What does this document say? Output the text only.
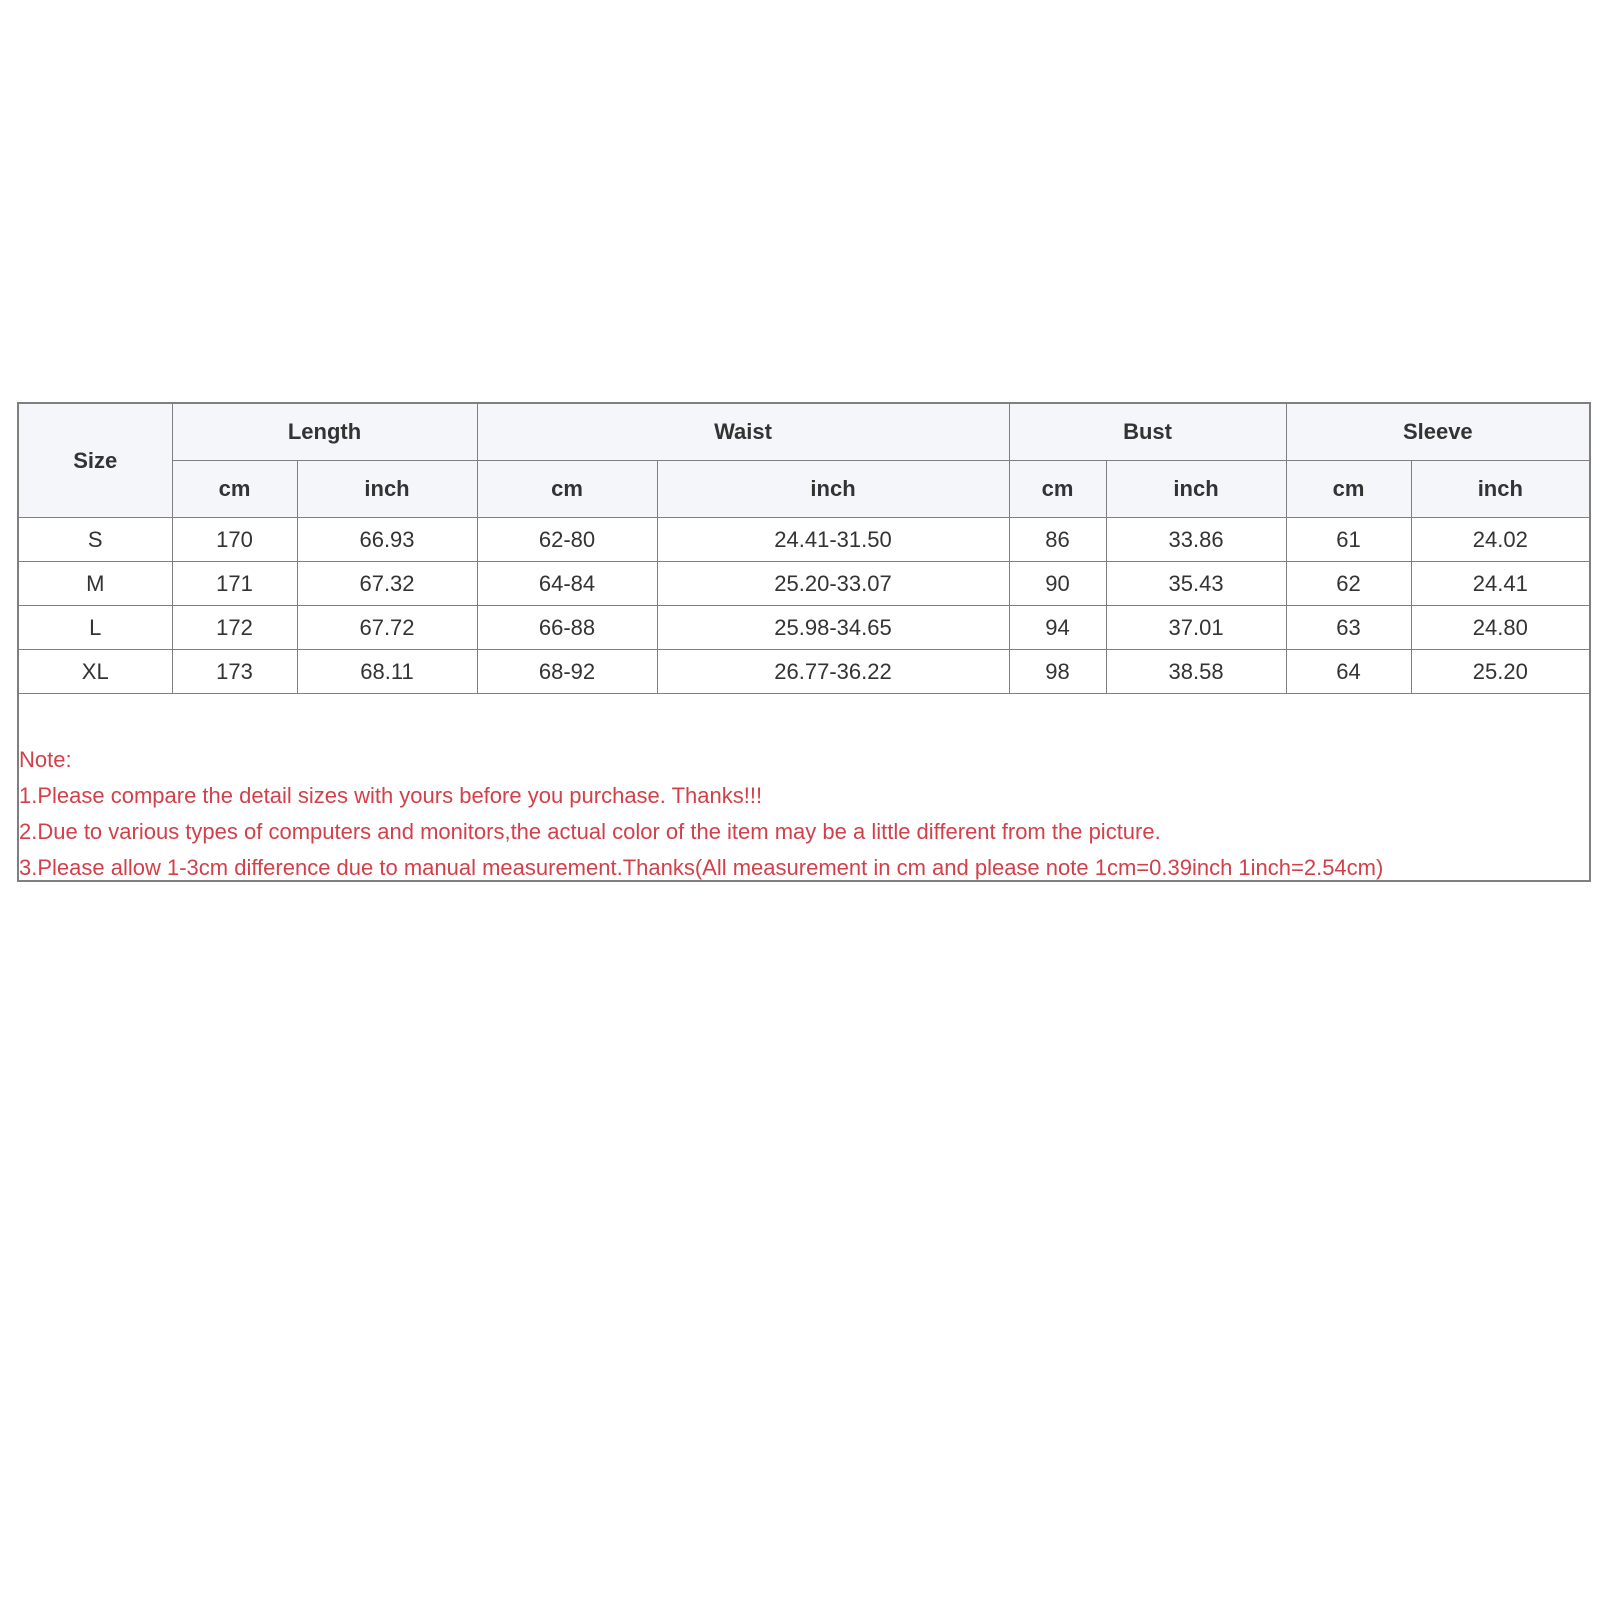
Size	Length		Waist		Bust		Sleeve	
	cm	inch	cm	inch	cm	inch	cm	inch
S	170	66.93	62-80	24.41-31.50	86	33.86	61	24.02
M	171	67.32	64-84	25.20-33.07	90	35.43	62	24.41
L	172	67.72	66-88	25.98-34.65	94	37.01	63	24.80
XL	173	68.11	68-92	26.77-36.22	98	38.58	64	25.20
Note:
1.Please compare the detail sizes with yours before you purchase. Thanks!!!
2.Due to various types of computers and monitors,the actual color of the item may be a little different from the picture.
3.Please allow 1-3cm difference due to manual measurement.Thanks(All measurement in cm and please note 1cm=0.39inch 1inch=2.54cm)
